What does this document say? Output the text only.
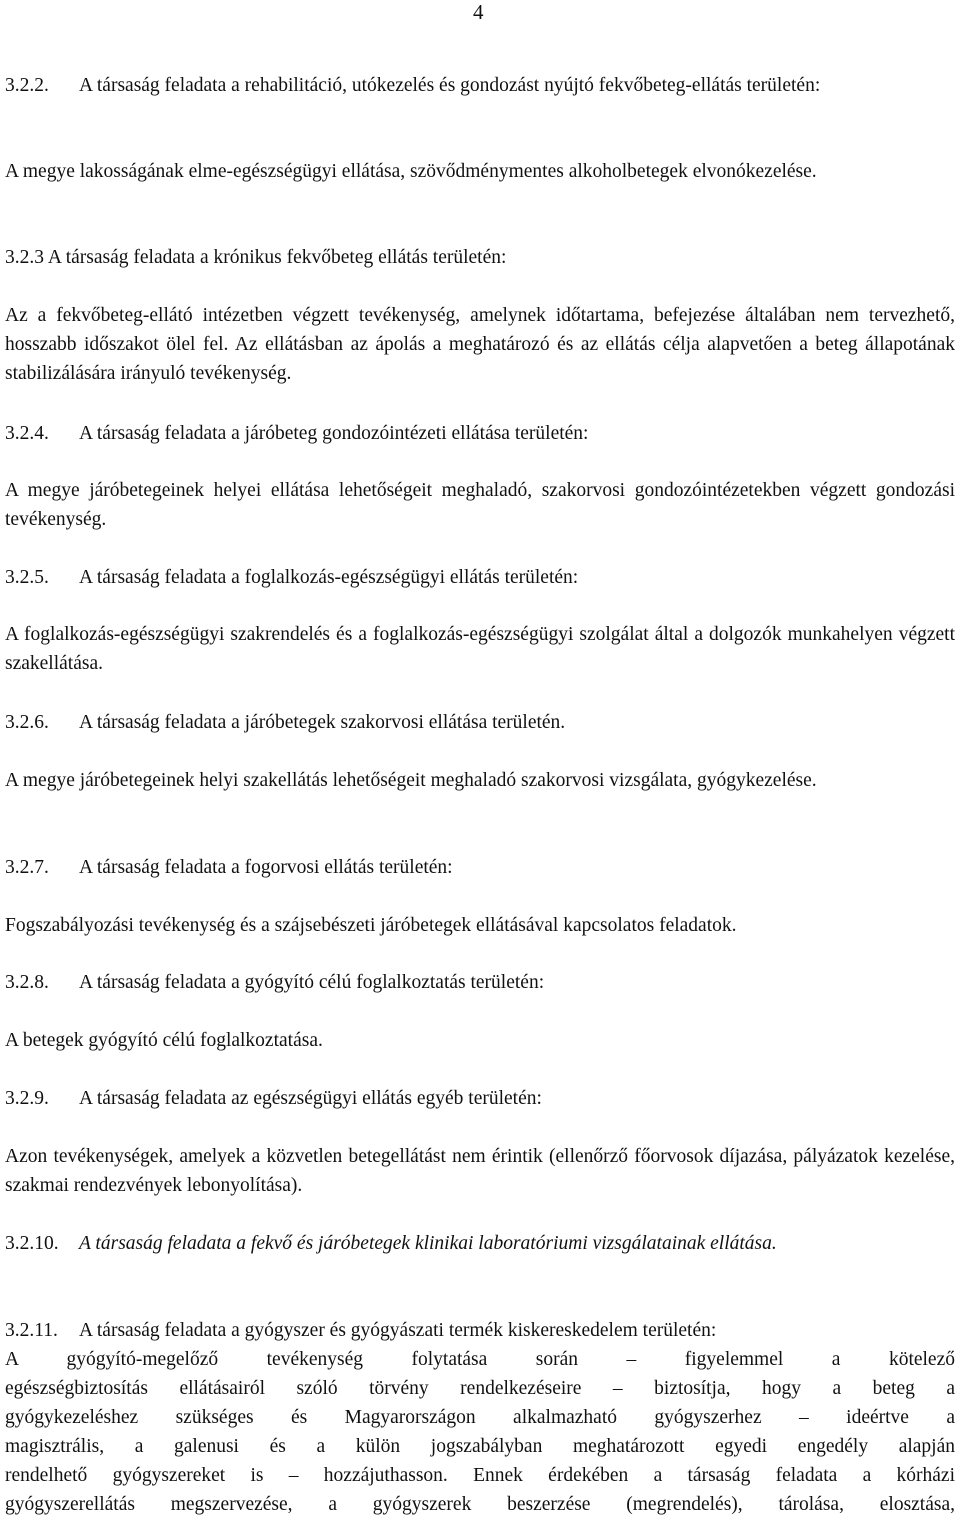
4
3.2.2. A társaság feladata a rehabilitáció, utókezelés és gondozást nyújtó fekvőbeteg-ellátás területén:
A megye lakosságának elme-egészségügyi ellátása, szövődménymentes alkoholbetegek elvonókezelése.
3.2.3 A társaság feladata a krónikus fekvőbeteg ellátás területén:
Az a fekvőbeteg-ellátó intézetben végzett tevékenység, amelynek időtartama, befejezése általában nem tervezhető, hosszabb időszakot ölel fel. Az ellátásban az ápolás a meghatározó és az ellátás célja alapvetően a beteg állapotának stabilizálására irányuló tevékenység.
3.2.4. A társaság feladata a járóbeteg gondozóintézeti ellátása területén:
A megye járóbetegeinek helyei ellátása lehetőségeit meghaladó, szakorvosi gondozóintézetekben végzett gondozási tevékenység.
3.2.5. A társaság feladata a foglalkozás-egészségügyi ellátás területén:
A foglalkozás-egészségügyi szakrendelés és a foglalkozás-egészségügyi szolgálat által a dolgozók munkahelyen végzett szakellátása.
3.2.6. A társaság feladata a járóbetegek szakorvosi ellátása területén.
A megye járóbetegeinek helyi szakellátás lehetőségeit meghaladó szakorvosi vizsgálata, gyógykezelése.
3.2.7. A társaság feladata a fogorvosi ellátás területén:
Fogszabályozási tevékenység és a szájsebészeti járóbetegek ellátásával kapcsolatos feladatok.
3.2.8. A társaság feladata a gyógyító célú foglalkoztatás területén:
A betegek gyógyító célú foglalkoztatása.
3.2.9. A társaság feladata az egészségügyi ellátás egyéb területén:
Azon tevékenységek, amelyek a közvetlen betegellátást nem érintik (ellenőrző főorvosok díjazása, pályázatok kezelése, szakmai rendezvények lebonyolítása).
3.2.10. A társaság feladata a fekvő és járóbetegek klinikai laboratóriumi vizsgálatainak ellátása.
3.2.11. A társaság feladata a gyógyszer és gyógyászati termék kiskereskedelem területén:
A gyógyító-megelőző tevékenység folytatása során – figyelemmel a kötelező
egészségbiztosítás ellátásairól szóló törvény rendelkezéseire – biztosítja, hogy a beteg a
gyógykezeléshez szükséges és Magyarországon alkalmazható gyógyszerhez – ideértve a
magisztrális, a galenusi és a külön jogszabályban meghatározott egyedi engedély alapján
rendelhető gyógyszereket is – hozzájuthasson. Ennek érdekében a társaság feladata a kórházi
gyógyszerellátás megszervezése, a gyógyszerek beszerzése (megrendelés), tárolása, elosztása,
